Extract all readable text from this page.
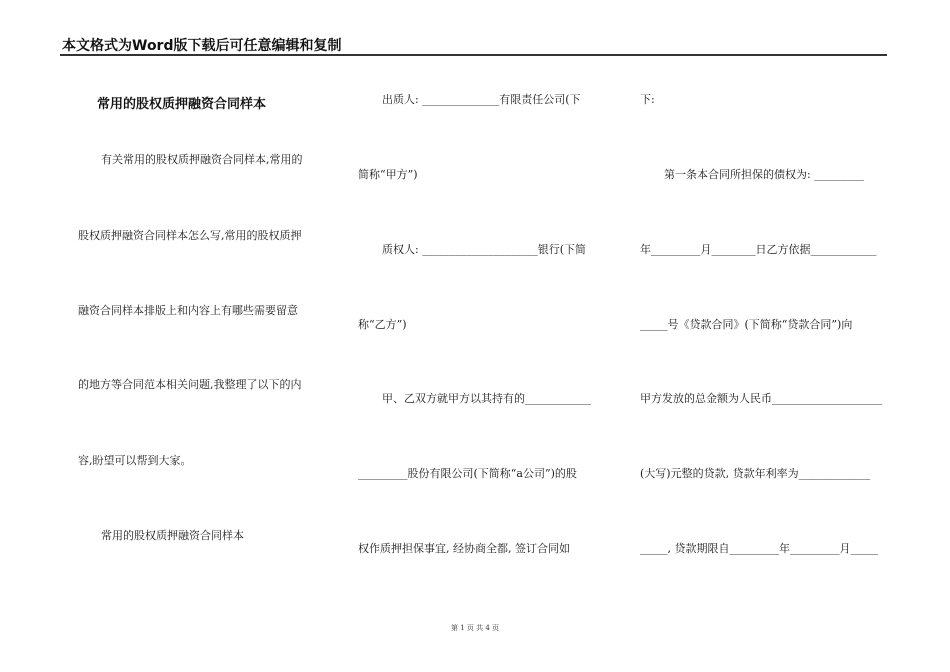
本文格式为Word版下载后可任意编辑和复制
常用的股权质押融资合同样本
有关常用的股权质押融资合同样本,常用的
股权质押融资合同样本怎么写,常用的股权质押
融资合同样本排版上和内容上有哪些需要留意
的地方等合同范本相关问题,我整理了以下的内
容,盼望可以帮到大家。
常用的股权质押融资合同样本
出质人: ______________有限责任公司(下
简称“甲方”)
质权人: _____________________银行(下简
称“乙方”)
甲、乙双方就甲方以其持有的____________
_________股份有限公司(下简称“a公司”)的股
权作质押担保事宜, 经协商全都, 签订合同如
下:
第一条本合同所担保的债权为: _________
年_________月________日乙方依据____________
_____号《贷款合同》(下简称“贷款合同”)向
甲方发放的总金额为人民币____________________
(大写)元整的贷款, 贷款年利率为_____________
_____, 贷款期限自_________年_________月_____
第 1 页 共 4 页
